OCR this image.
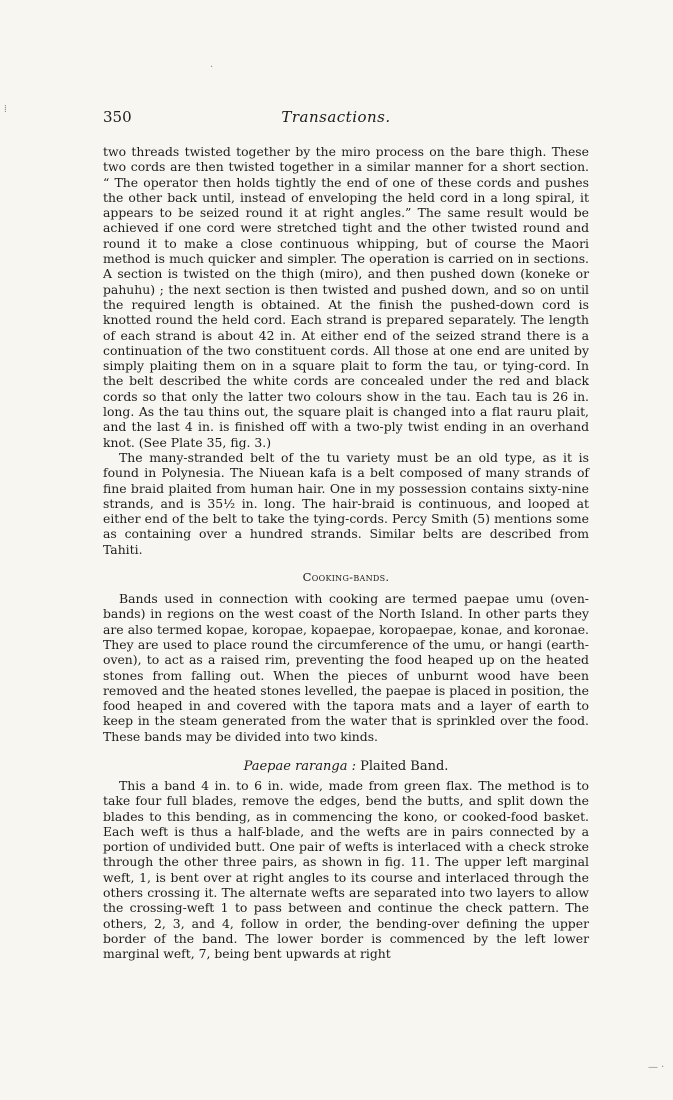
·
⁞
— ·
350	Transactions.

two threads twisted together by the miro process on the bare thigh. These two cords are then twisted together in a similar manner for a short section. “ The operator then holds tightly the end of one of these cords and pushes the other back until, instead of enveloping the held cord in a long spiral, it appears to be seized round it at right angles.” The same result would be achieved if one cord were stretched tight and the other twisted round and round it to make a close continuous whipping, but of course the Maori method is much quicker and simpler. The operation is carried on in sections. A section is twisted on the thigh (miro), and then pushed down (koneke or pahuhu) ; the next section is then twisted and pushed down, and so on until the required length is obtained. At the finish the pushed-down cord is knotted round the held cord. Each strand is prepared separately. The length of each strand is about 42 in. At either end of the seized strand there is a continuation of the two constituent cords. All those at one end are united by simply plaiting them on in a square plait to form the tau, or tying-cord. In the belt described the white cords are concealed under the red and black cords so that only the latter two colours show in the tau. Each tau is 26 in. long. As the tau thins out, the square plait is changed into a flat rauru plait, and the last 4 in. is finished off with a two-ply twist ending in an overhand knot. (See Plate 35, fig. 3.)

The many-stranded belt of the tu variety must be an old type, as it is found in Polynesia. The Niuean kafa is a belt composed of many strands of fine braid plaited from human hair. One in my possession contains sixty-nine strands, and is 35½ in. long. The hair-braid is continuous, and looped at either end of the belt to take the tying-cords. Percy Smith (5) mentions some as containing over a hundred strands. Similar belts are described from Tahiti.

Cooking-bands.

Bands used in connection with cooking are termed paepae umu (oven-bands) in regions on the west coast of the North Island. In other parts they are also termed kopae, koropae, kopaepae, koropaepae, konae, and koronae. They are used to place round the circumference of the umu, or hangi (earth-oven), to act as a raised rim, preventing the food heaped up on the heated stones from falling out. When the pieces of unburnt wood have been removed and the heated stones levelled, the paepae is placed in position, the food heaped in and covered with the tapora mats and a layer of earth to keep in the steam generated from the water that is sprinkled over the food. These bands may be divided into two kinds.

Paepae raranga : Plaited Band.

This a band 4 in. to 6 in. wide, made from green flax. The method is to take four full blades, remove the edges, bend the butts, and split down the blades to this bending, as in commencing the kono, or cooked-food basket. Each weft is thus a half-blade, and the wefts are in pairs connected by a portion of undivided butt. One pair of wefts is interlaced with a check stroke through the other three pairs, as shown in fig. 11. The upper left marginal weft, 1, is bent over at right angles to its course and interlaced through the others crossing it. The alternate wefts are separated into two layers to allow the crossing-weft 1 to pass between and continue the check pattern. The others, 2, 3, and 4, follow in order, the bending-over defining the upper border of the band. The lower border is commenced by the left lower marginal weft, 7, being bent upwards at right
